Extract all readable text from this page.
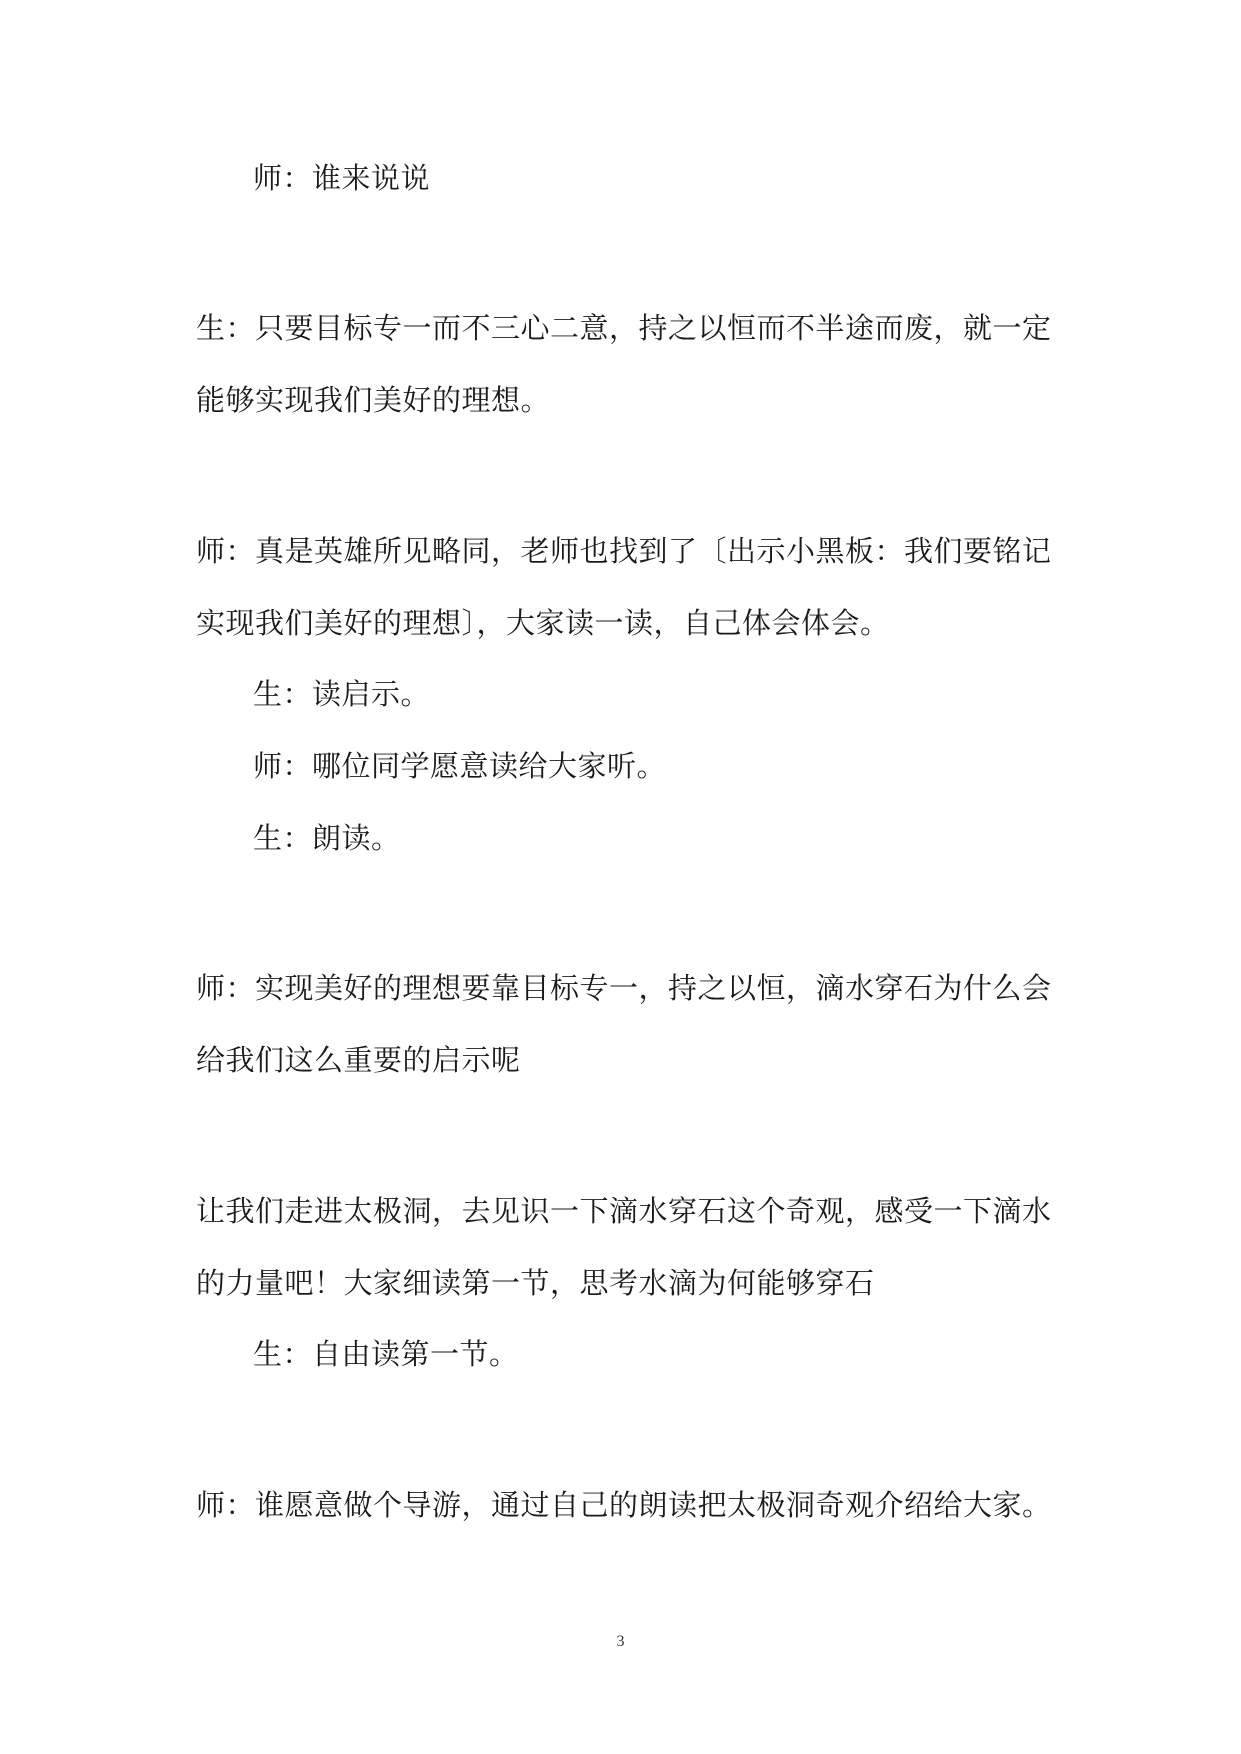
师：谁来说说
生：只要目标专一而不三心二意，持之以恒而不半途而废，就一定
能够实现我们美好的理想。
师：真是英雄所见略同，老师也找到了〔出示小黑板：我们要铭记
实现我们美好的理想〕，大家读一读，自己体会体会。
生：读启示。
师：哪位同学愿意读给大家听。
生：朗读。
师：实现美好的理想要靠目标专一，持之以恒，滴水穿石为什么会
给我们这么重要的启示呢
让我们走进太极洞，去见识一下滴水穿石这个奇观，感受一下滴水
的力量吧！大家细读第一节，思考水滴为何能够穿石
生：自由读第一节。
师：谁愿意做个导游，通过自己的朗读把太极洞奇观介绍给大家。
3
